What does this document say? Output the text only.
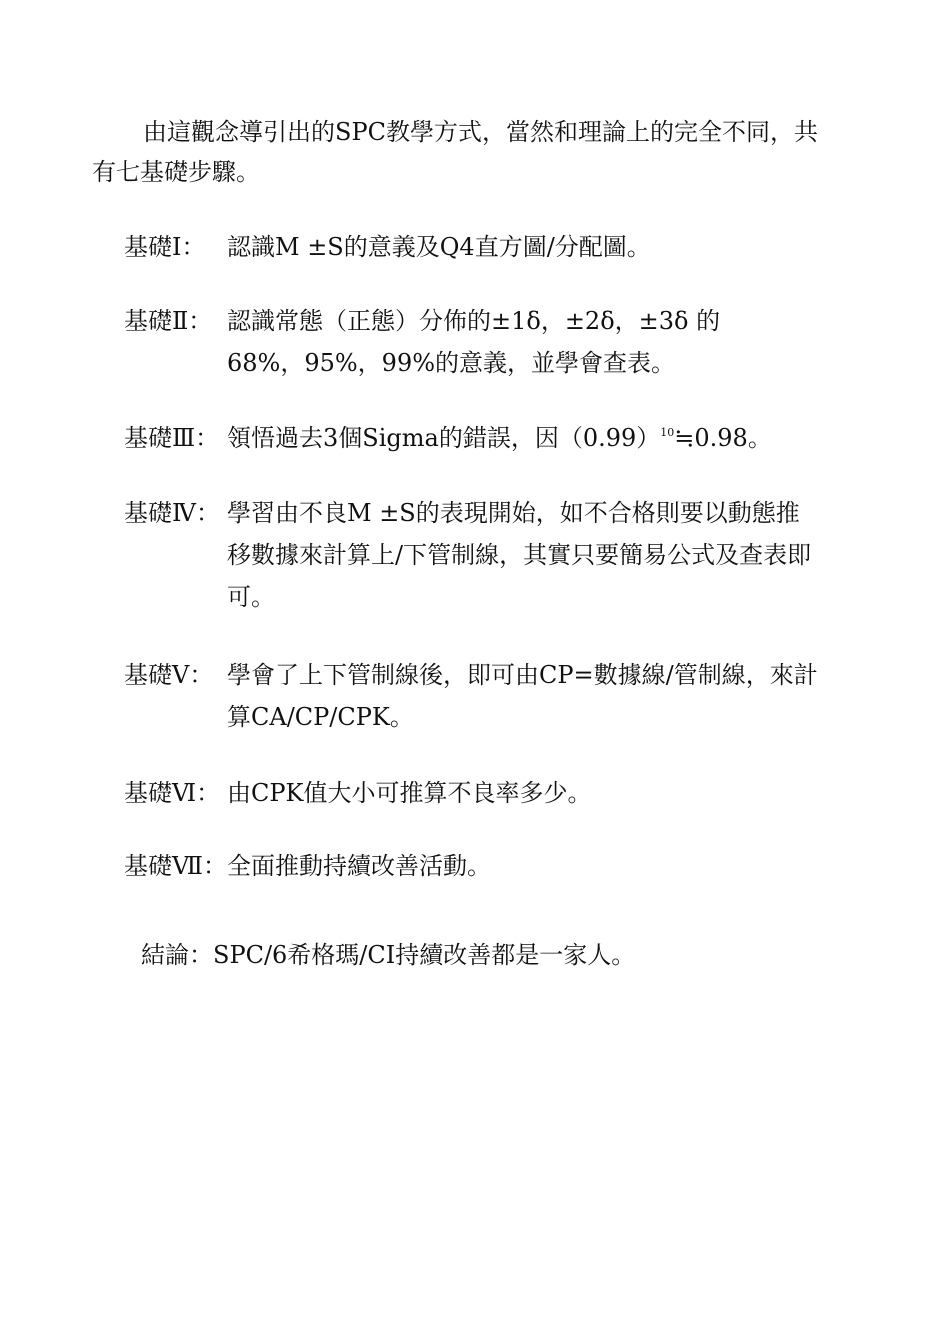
由這觀念導引出的SPC教學方式，當然和理論上的完全不同，共
有七基礎步驟。
基礎Ⅰ： 認識M ±S的意義及Q4直方圖/分配圖。
基礎Ⅱ： 認識常態（正態）分佈的±1δ，±2δ，±3δ 的
68%，95%，99%的意義，並學會查表。
基礎Ⅲ： 領悟過去3個Sigma的錯誤，因$(0.99)^{10}≒0.98$。
基礎Ⅳ： 學習由不良M ±S的表現開始，如不合格則要以動態推
移數據來計算上/下管制線，其實只要簡易公式及查表即
可。
基礎Ⅴ： 學會了上下管制線後，即可由CP=數據線/管制線，來計
算CA/CP/CPK。
基礎Ⅵ： 由CPK值大小可推算不良率多少。
基礎Ⅶ： 全面推動持續改善活動。
結論：SPC/6希格瑪/CI持續改善都是一家人。
